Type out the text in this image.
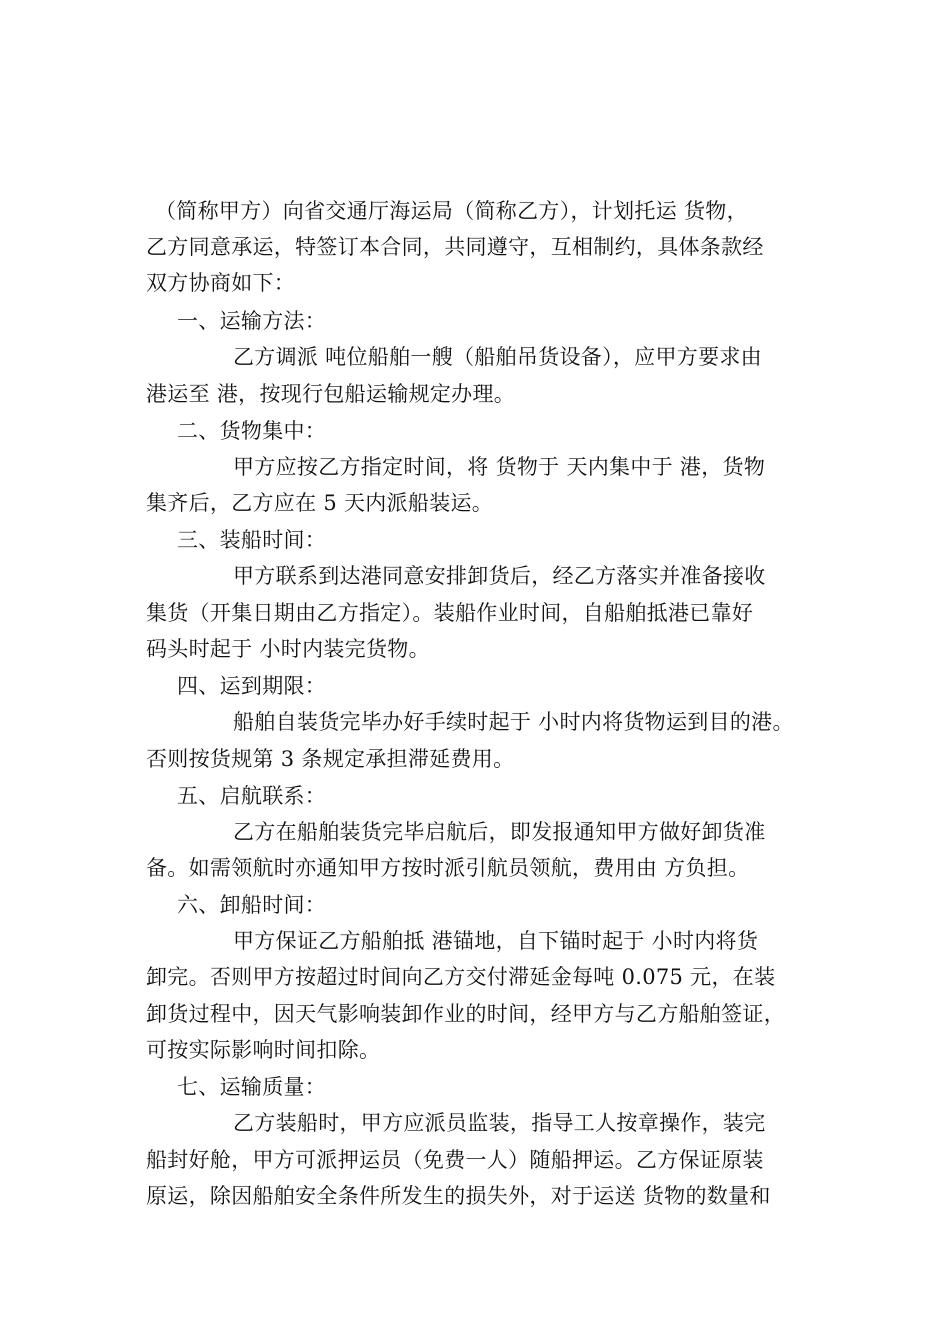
（简称甲方）向省交通厅海运局（简称乙方），计划托运 货物，
乙方同意承运，特签订本合同，共同遵守，互相制约，具体条款经
双方协商如下：
一、运输方法：
乙方调派 吨位船舶一艘（船舶吊货设备），应甲方要求由
港运至 港，按现行包船运输规定办理。
二、货物集中：
甲方应按乙方指定时间，将 货物于 天内集中于 港，货物
集齐后，乙方应在 5 天内派船装运。
三、装船时间：
甲方联系到达港同意安排卸货后，经乙方落实并准备接收
集货（开集日期由乙方指定）。装船作业时间，自船舶抵港已靠好
码头时起于 小时内装完货物。
四、运到期限：
船舶自装货完毕办好手续时起于 小时内将货物运到目的港。
否则按货规第 3 条规定承担滞延费用。
五、启航联系：
乙方在船舶装货完毕启航后，即发报通知甲方做好卸货准
备。如需领航时亦通知甲方按时派引航员领航，费用由 方负担。
六、卸船时间：
甲方保证乙方船舶抵 港锚地，自下锚时起于 小时内将货
卸完。否则甲方按超过时间向乙方交付滞延金每吨 0.075 元，在装
卸货过程中，因天气影响装卸作业的时间，经甲方与乙方船舶签证，
可按实际影响时间扣除。
七、运输质量：
乙方装船时，甲方应派员监装，指导工人按章操作，装完
船封好舱，甲方可派押运员（免费一人）随船押运。乙方保证原装
原运，除因船舶安全条件所发生的损失外，对于运送 货物的数量和
